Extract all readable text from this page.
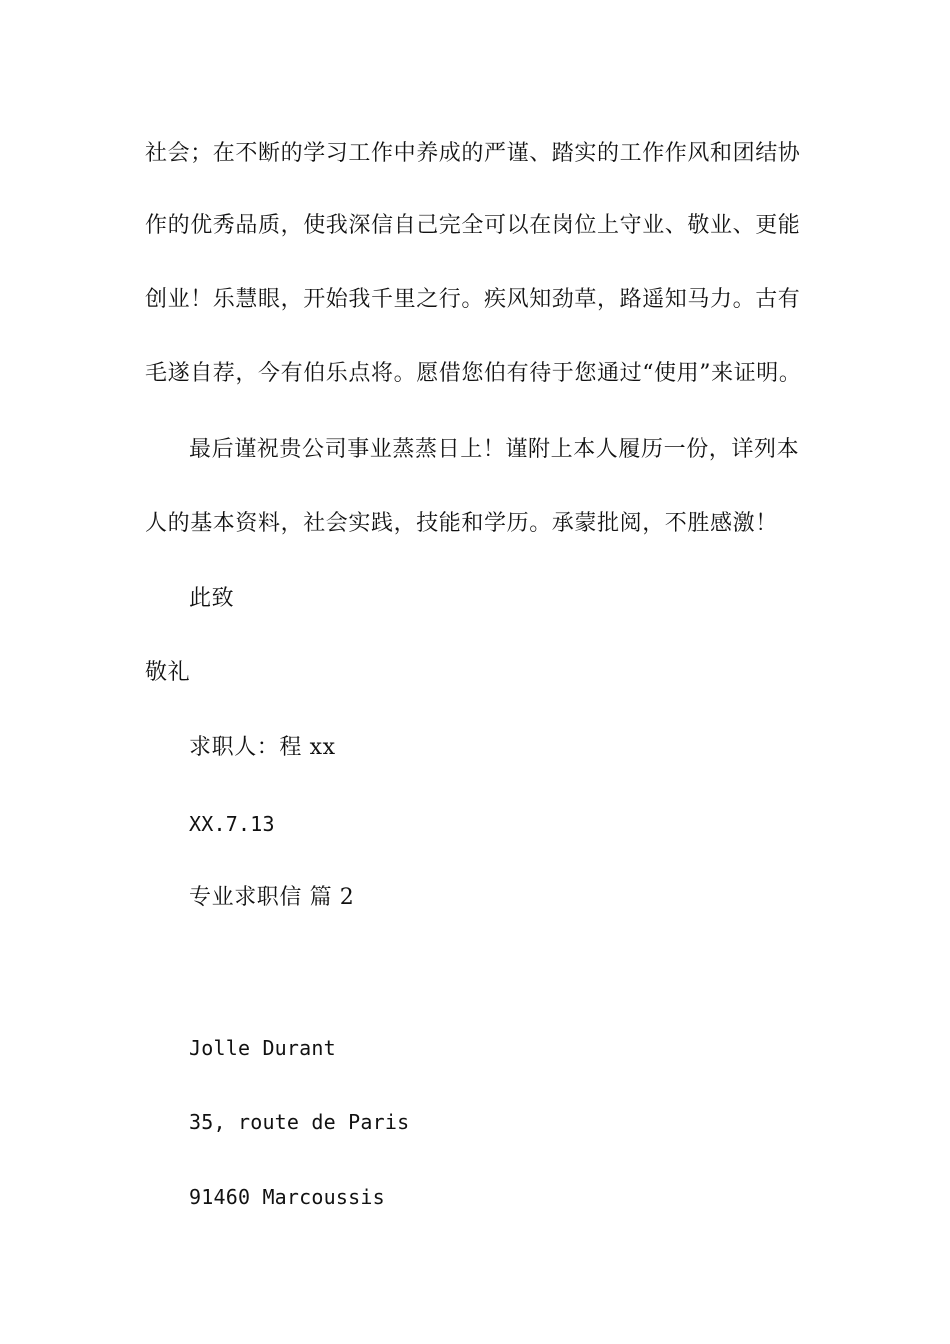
社会；在不断的学习工作中养成的严谨、踏实的工作作风和团结协
作的优秀品质，使我深信自己完全可以在岗位上守业、敬业、更能
创业！乐慧眼，开始我千里之行。疾风知劲草，路遥知马力。古有
毛遂自荐，今有伯乐点将。愿借您伯有待于您通过“使用”来证明。
最后谨祝贵公司事业蒸蒸日上！谨附上本人履历一份，详列本
人的基本资料，社会实践，技能和学历。承蒙批阅，不胜感激！
此致
敬礼
求职人：程 xx
XX.7.13
专业求职信 篇 2
Jolle Durant
35, route de Paris
91460 Marcoussis
